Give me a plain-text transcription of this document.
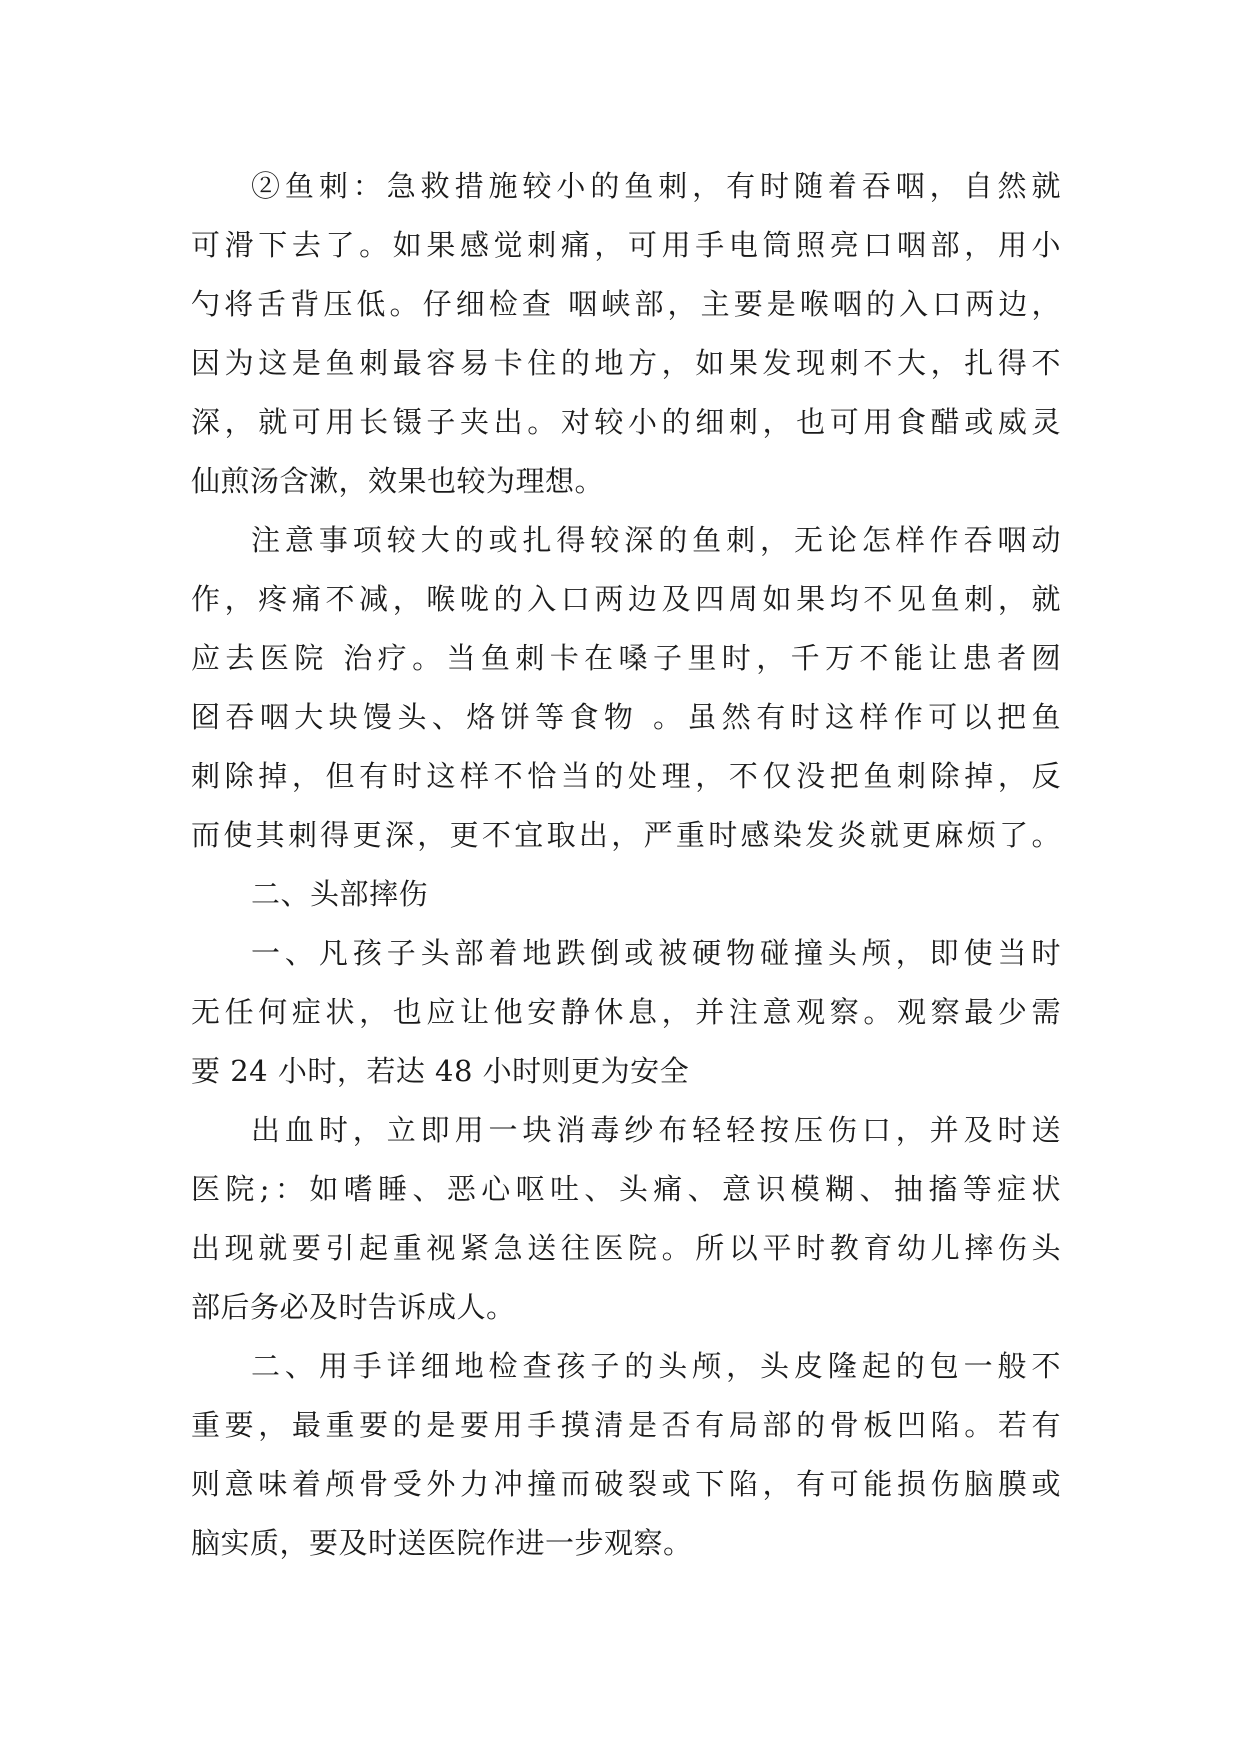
②鱼刺：急救措施较小的鱼刺，有时随着吞咽，自然就
可滑下去了。如果感觉刺痛，可用手电筒照亮口咽部，用小
勺将舌背压低。仔细检查 咽峡部，主要是喉咽的入口两边，
因为这是鱼刺最容易卡住的地方，如果发现刺不大，扎得不
深，就可用长镊子夹出。对较小的细刺，也可用食醋或威灵
仙煎汤含漱，效果也较为理想。
注意事项较大的或扎得较深的鱼刺，无论怎样作吞咽动
作，疼痛不减，喉咙的入口两边及四周如果均不见鱼刺，就
应去医院 治疗。当鱼刺卡在嗓子里时，千万不能让患者囫
囵吞咽大块馒头、烙饼等食物 。虽然有时这样作可以把鱼
刺除掉，但有时这样不恰当的处理，不仅没把鱼刺除掉，反
而使其刺得更深，更不宜取出，严重时感染发炎就更麻烦了。
二、头部摔伤
一、凡孩子头部着地跌倒或被硬物碰撞头颅，即使当时
无任何症状，也应让他安静休息，并注意观察。观察最少需
要 24 小时，若达 48 小时则更为安全
出血时，立即用一块消毒纱布轻轻按压伤口，并及时送
医院;：如嗜睡、恶心呕吐、头痛、意识模糊、抽搐等症状
出现就要引起重视紧急送往医院。所以平时教育幼儿摔伤头
部后务必及时告诉成人。
二、用手详细地检查孩子的头颅，头皮隆起的包一般不
重要，最重要的是要用手摸清是否有局部的骨板凹陷。若有
则意味着颅骨受外力冲撞而破裂或下陷，有可能损伤脑膜或
脑实质，要及时送医院作进一步观察。
